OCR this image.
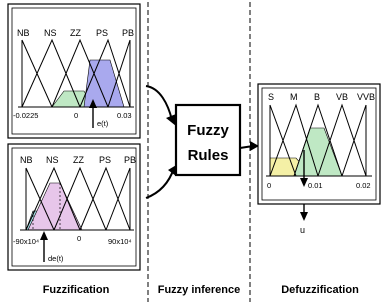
NB NS ZZ PS PB
-0.0225	0	0.03
e(t)
NB NS ZZ PS PB
-90x10⁴	0	90x10⁴
de(t)
Fuzzy
Rules
S M B VB VVB
0	0.01	0.02
u
Fuzzification	Fuzzy inference	Defuzzification
